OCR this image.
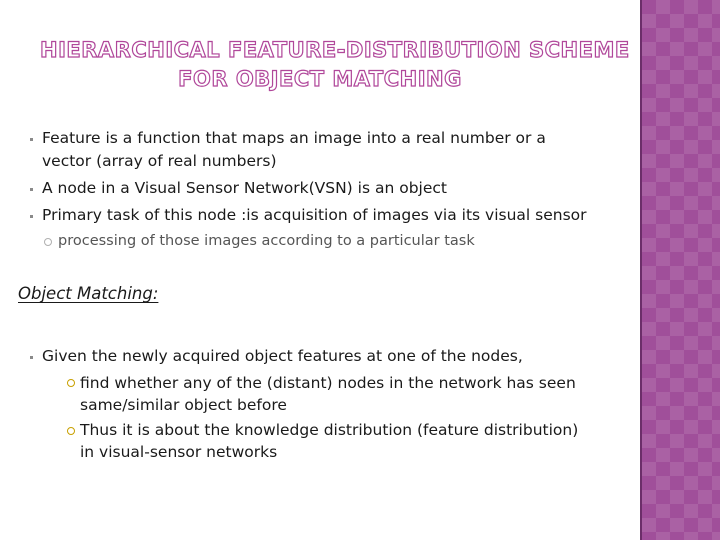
HIERARCHICAL FEATURE-DISTRIBUTION SCHEME
FOR OBJECT MATCHING
Feature is a function that maps an image into a real number or a
vector (array of real numbers)
A node in a Visual Sensor Network(VSN) is an object
Primary task of this node :is acquisition of images via its visual sensor
processing of those images according to a particular task
Object Matching:
Given the newly acquired object features at one of the nodes,
find whether any of the (distant) nodes in the network has seen
same/similar object before
Thus it is about the knowledge distribution (feature distribution)
in visual-sensor networks
